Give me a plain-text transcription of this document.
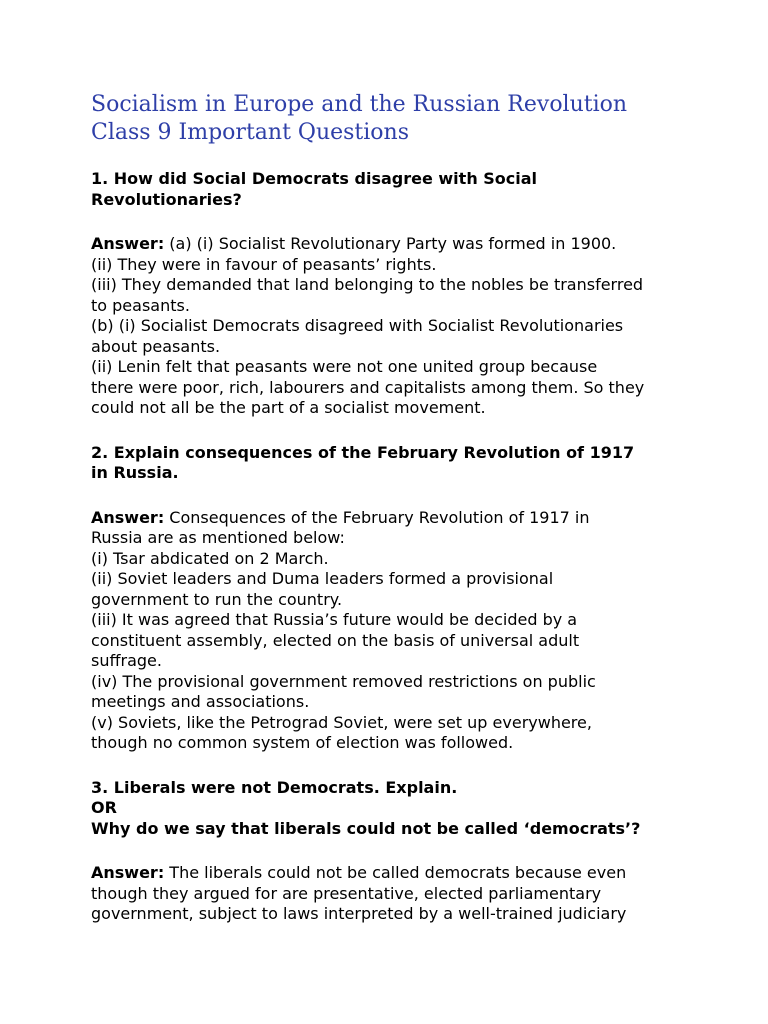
Socialism in Europe and the Russian Revolution
Class 9 Important Questions
1. How did Social Democrats disagree with Social
Revolutionaries?
Answer: (a) (i) Socialist Revolutionary Party was formed in 1900.
(ii) They were in favour of peasants’ rights.
(iii) They demanded that land belonging to the nobles be transferred
to peasants.
(b) (i) Socialist Democrats disagreed with Socialist Revolutionaries
about peasants.
(ii) Lenin felt that peasants were not one united group because
there were poor, rich, labourers and capitalists among them. So they
could not all be the part of a socialist movement.
2. Explain consequences of the February Revolution of 1917
in Russia.
Answer: Consequences of the February Revolution of 1917 in
Russia are as mentioned below:
(i) Tsar abdicated on 2 March.
(ii) Soviet leaders and Duma leaders formed a provisional
government to run the country.
(iii) It was agreed that Russia’s future would be decided by a
constituent assembly, elected on the basis of universal adult
suffrage.
(iv) The provisional government removed restrictions on public
meetings and associations.
(v) Soviets, like the Petrograd Soviet, were set up everywhere,
though no common system of election was followed.
3. Liberals were not Democrats. Explain.
OR
Why do we say that liberals could not be called ‘democrats’?
Answer: The liberals could not be called democrats because even
though they argued for are presentative, elected parliamentary
government, subject to laws interpreted by a well-trained judiciary
